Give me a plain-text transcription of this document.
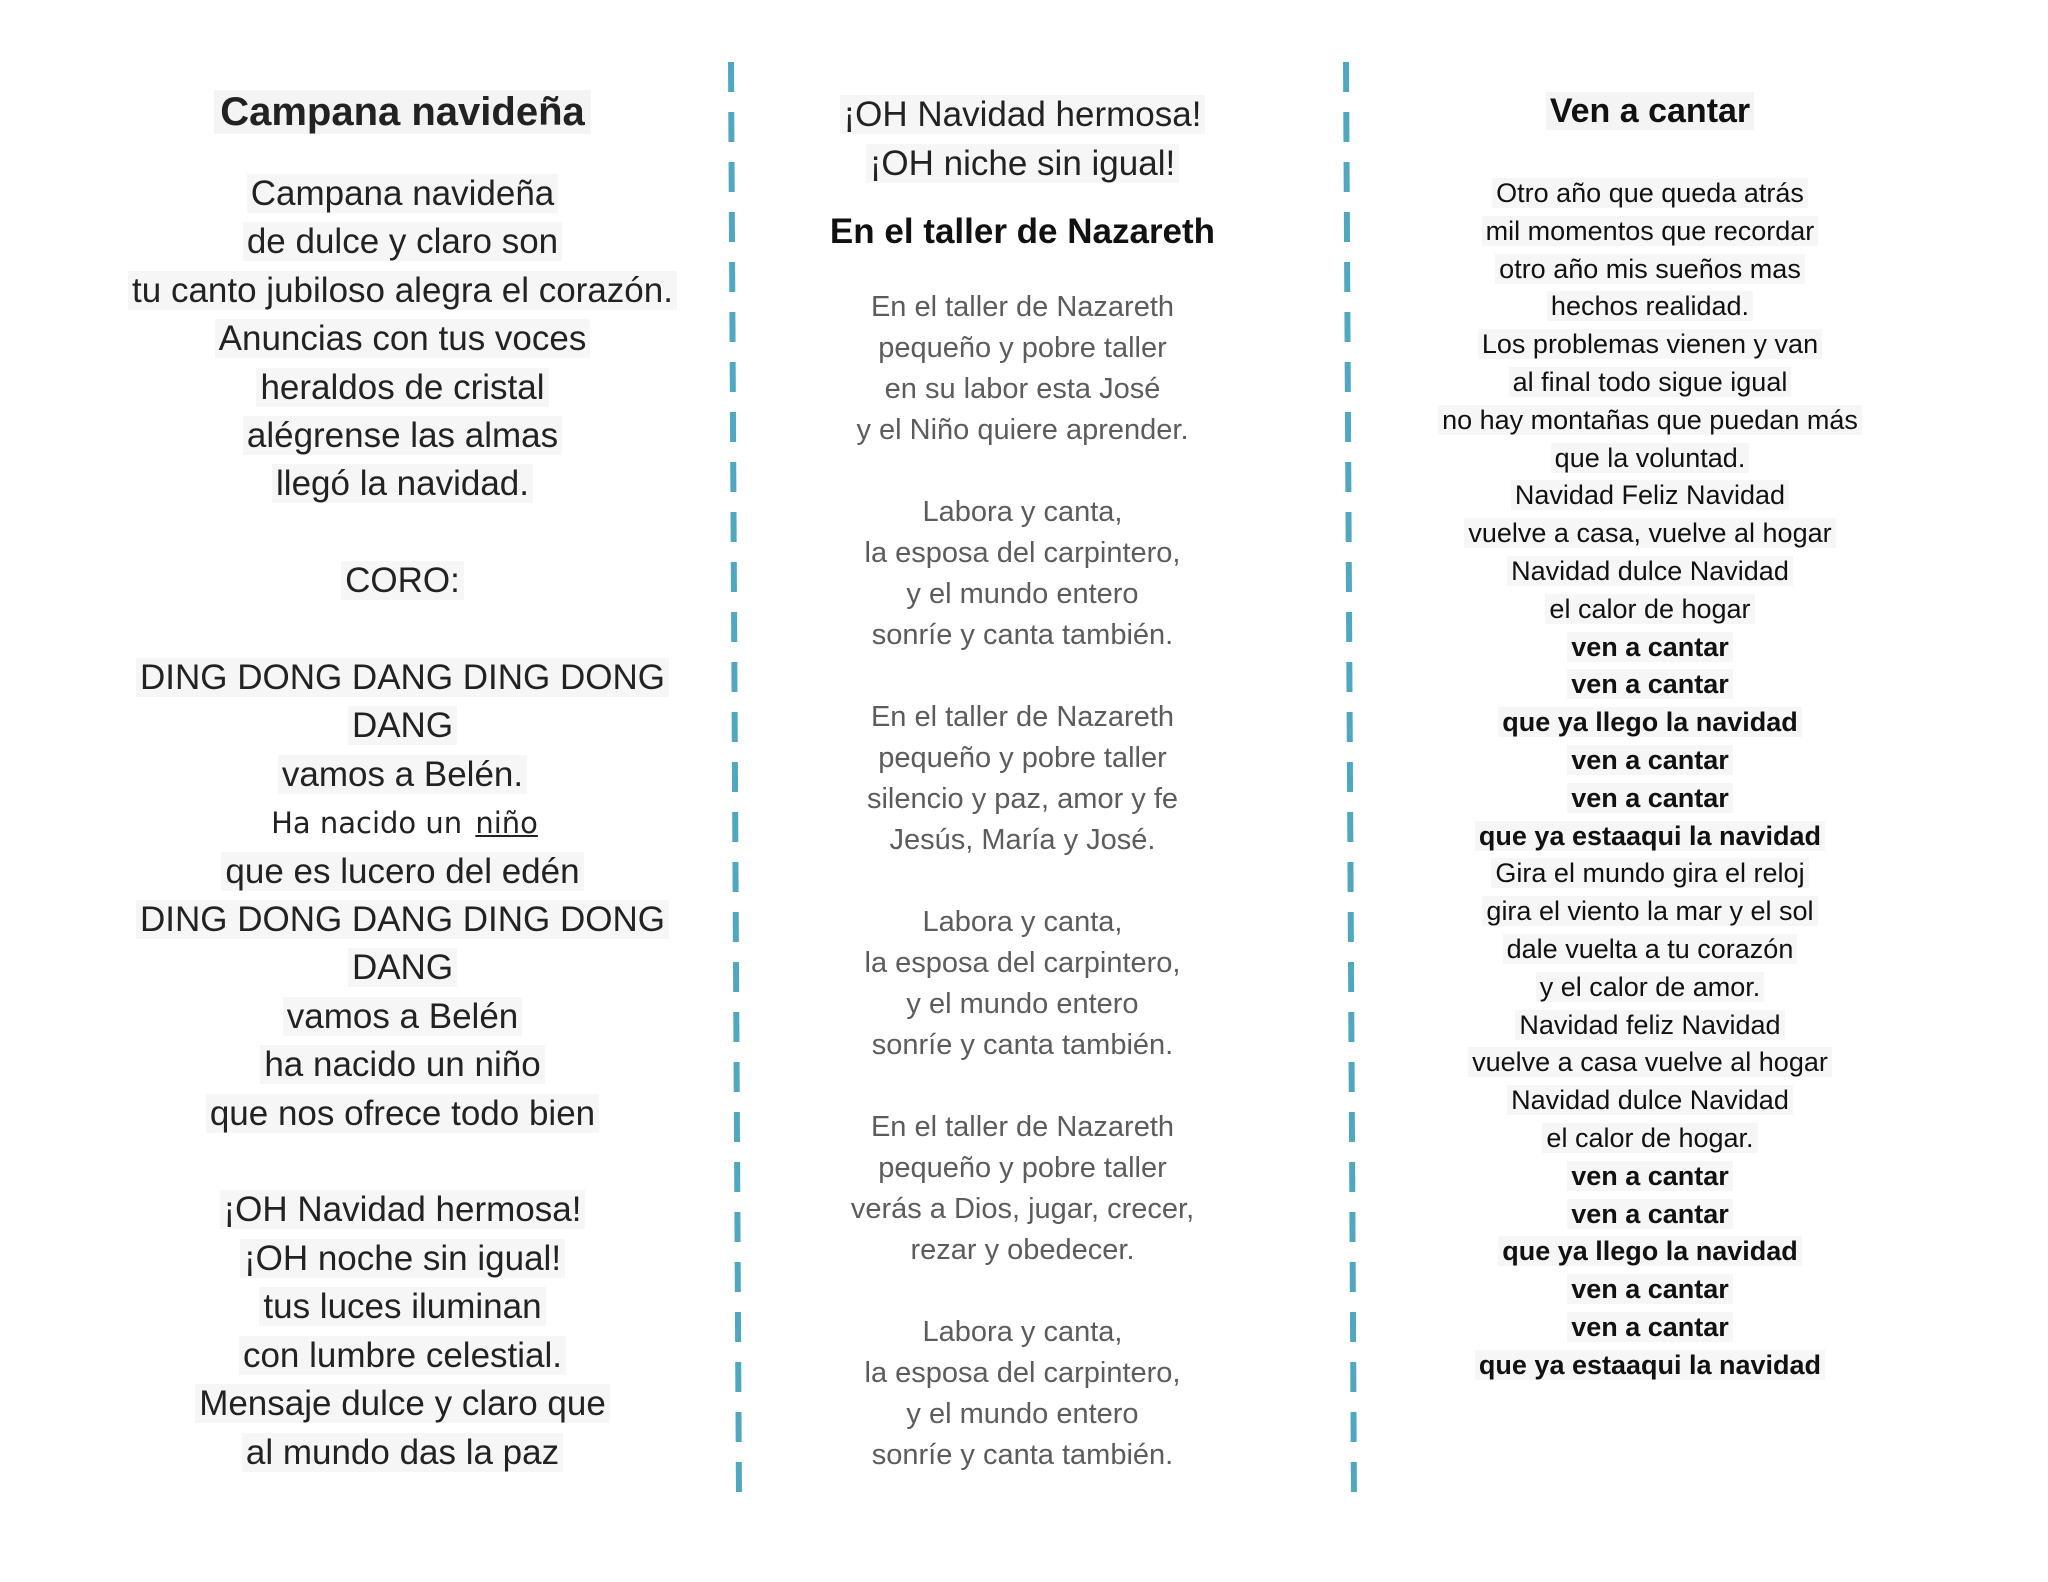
Campana navideña
Campana navideña
de dulce y claro son
tu canto jubiloso alegra el corazón.
Anuncias con tus voces
heraldos de cristal
alégrense las almas
llegó la navidad.
CORO:
DING DONG DANG DING DONG
DANG
vamos a Belén.
Ha nacido un niño
que es lucero del edén
DING DONG DANG DING DONG
DANG
vamos a Belén
ha nacido un niño
que nos ofrece todo bien
¡OH Navidad hermosa!
¡OH noche sin igual!
tus luces iluminan
con lumbre celestial.
Mensaje dulce y claro que
al mundo das la paz
¡OH Navidad hermosa!
¡OH niche sin igual!
En el taller de Nazareth
En el taller de Nazareth
pequeño y pobre taller
en su labor esta José
y el Niño quiere aprender.
Labora y canta,
la esposa del carpintero,
y el mundo entero
sonríe y canta también.
En el taller de Nazareth
pequeño y pobre taller
silencio y paz, amor y fe
Jesús, María y José.
Labora y canta,
la esposa del carpintero,
y el mundo entero
sonríe y canta también.
En el taller de Nazareth
pequeño y pobre taller
verás a Dios, jugar, crecer,
rezar y obedecer.
Labora y canta,
la esposa del carpintero,
y el mundo entero
sonríe y canta también.
Ven a cantar
Otro año que queda atrás
mil momentos que recordar
otro año mis sueños mas
hechos realidad.
Los problemas vienen y van
al final todo sigue igual
no hay montañas que puedan más
que la voluntad.
Navidad Feliz Navidad
vuelve a casa, vuelve al hogar
Navidad dulce Navidad
el calor de hogar
ven a cantar
ven a cantar
que ya llego la navidad
ven a cantar
ven a cantar
que ya estaaqui la navidad
Gira el mundo gira el reloj
gira el viento la mar y el sol
dale vuelta a tu corazón
y el calor de amor.
Navidad feliz Navidad
vuelve a casa vuelve al hogar
Navidad dulce Navidad
el calor de hogar.
ven a cantar
ven a cantar
que ya llego la navidad
ven a cantar
ven a cantar
que ya estaaqui la navidad
